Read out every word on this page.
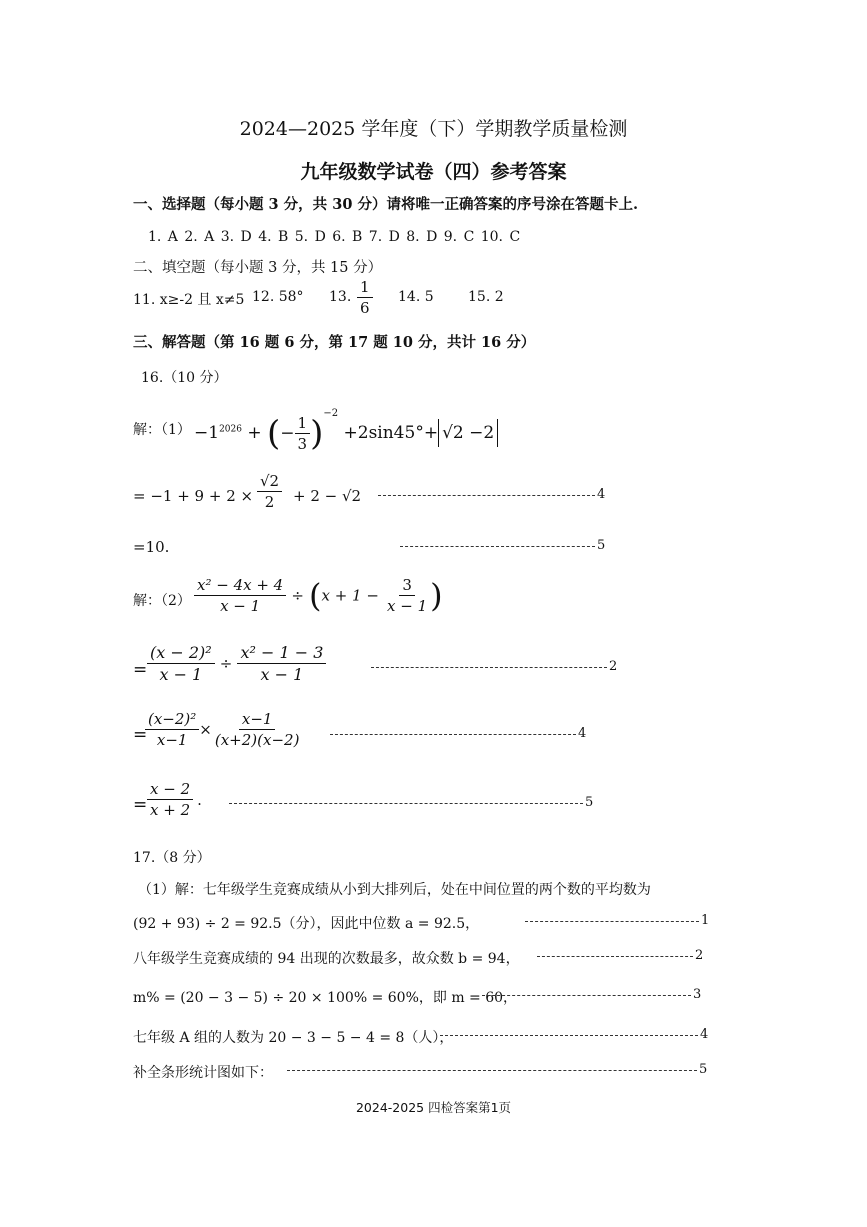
2024—2025 学年度（下）学期教学质量检测
九年级数学试卷（四）参考答案
一、选择题（每小题 3 分，共 30 分）请将唯一正确答案的序号涂在答题卡上.
1. A 2. A 3. D 4. B 5. D 6. B 7. D 8. D 9. C 10. C
二、填空题（每小题 3 分，共 15 分）
11. x≥-2 且 x≠5 12. 58° 13. $\frac{1}{6} 14$. 5 15. 2
三、解答题（第 16 题 6 分，第 17 题 10 分，共计 16 分）
16.（10 分）
解：$(1) -1^{2026}$ + (− $\frac{1}{3} )^{-2} +2\sin 45^\circ+ √2 -2$
= $-1 + 9 + 2 \times \frac{√2}{2} + 2 - √2$	4
=10.	5
解：$(2) \frac{\text{x² − 4x + 4}}{x - 1} \div (x + 1 - \frac{3}{x - 1}$ )
= $\frac{\text{(x − 2)²}}{x - 1} \div \frac{\text{x² − 1 − 3}}{x - 1}$	2
=
$\frac{\text{(x−2)²}}{x-1} \times \frac{x-1}{(x+2)(x-2)}$	4
= $\frac{x - 2}{x + 2}$ .	5
17.（8 分）
（1）解：七年级学生竞赛成绩从小到大排列后，处在中间位置的两个数的平均数为
(92 + 93) ÷ 2 = 92.5（分），因此中位数 a = 92.5，	1
八年级学生竞赛成绩的 94 出现的次数最多，故众数 b = 94，	2
m% = (20 − 3 − 5) ÷ 20 × 100% = 60%，即 m = 60，	3
七年级 A 组的人数为 20 − 3 − 5 − 4 = 8（人），	4
补全条形统计图如下：	5
2024-2025 四检答案第1页
